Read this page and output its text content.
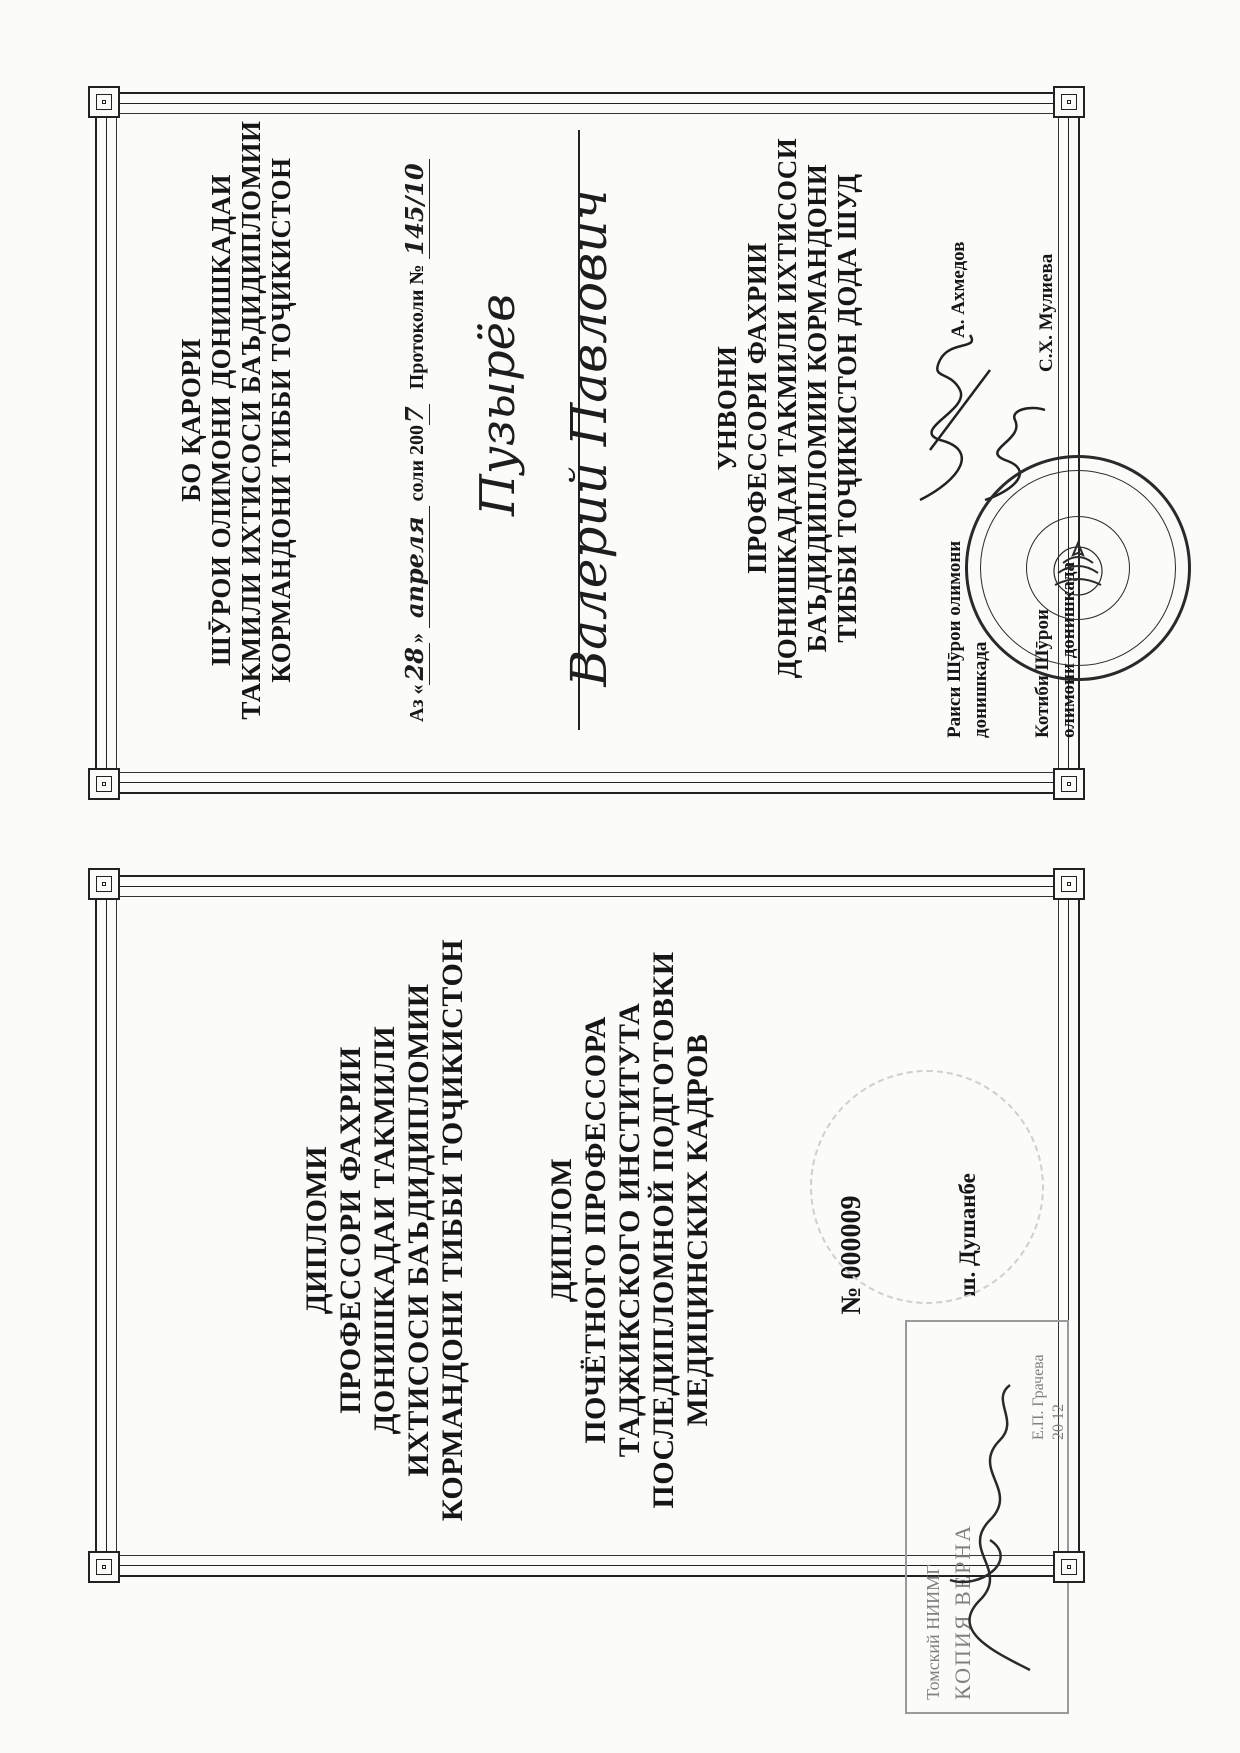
БО ҚАРОРИ ШӮРОИ ОЛИМОНИ ДОНИШКАДАИ ТАКМИЛИ ИХТИСОСИ БАЪДИДИПЛОМИИ КОРМАНДОНИ ТИББИ ТОҶИКИСТОН
Аз «28» апреля соли 2007 Протоколи № 145/10
Пузырёв Валерий Павлович	УНВОНИ ПРОФЕССОРИ ФАХРИИ ДОНИШКАДАИ ТАКМИЛИ ИХТИСОСИ БАЪДИДИПЛОМИИ КОРМАНДОНИ ТИББИ ТОҶИКИСТОН ДОДА ШУД	Раиси Шӯрои олимони донишкада
А. Ахмедов
Котиби Шӯрои олимони донишкада
С.Х. Мулиева
ДИПЛОМИ ПРОФЕССОРИ ФАХРИИ ДОНИШКАДАИ ТАКМИЛИ ИХТИСОСИ БАЪДИДИПЛОМИИ КОРМАНДОНИ ТИББИ ТОҶИКИСТОН	ДИПЛОМ ПОЧЁТНОГО ПРОФЕССОРА ТАДЖИКСКОГО ИНСТИТУТА ПОСЛЕДИПЛОМНОЙ ПОДГОТОВКИ МЕДИЦИНСКИХ КАДРОВ	№ 000009	ш. Душанбе
Томский НИИМГ КОПИЯ ВЕРНА
Е.П. Грачева 20 12
